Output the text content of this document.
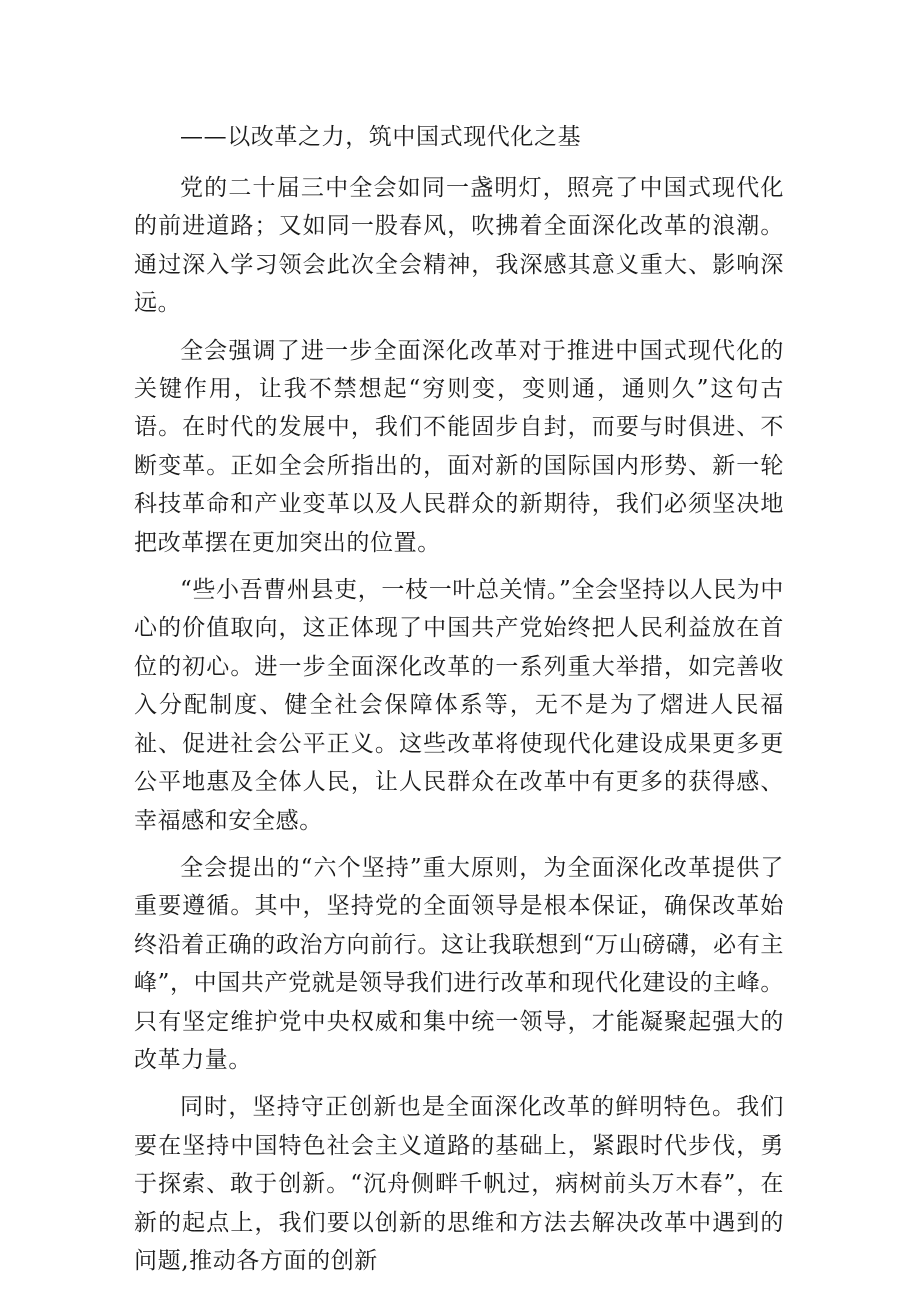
——以改革之力，筑中国式现代化之基

党的二十届三中全会如同一盏明灯，照亮了中国式现代化的前进道路；又如同一股春风，吹拂着全面深化改革的浪潮。通过深入学习领会此次全会精神，我深感其意义重大、影响深远。

全会强调了进一步全面深化改革对于推进中国式现代化的关键作用，让我不禁想起“穷则变，变则通，通则久”这句古语。在时代的发展中，我们不能固步自封，而要与时俱进、不断变革。正如全会所指出的，面对新的国际国内形势、新一轮科技革命和产业变革以及人民群众的新期待，我们必须坚决地把改革摆在更加突出的位置。

“些小吾曹州县吏，一枝一叶总关情。”全会坚持以人民为中心的价值取向，这正体现了中国共产党始终把人民利益放在首位的初心。进一步全面深化改革的一系列重大举措，如完善收入分配制度、健全社会保障体系等，无不是为了熠进人民福祉、促进社会公平正义。这些改革将使现代化建设成果更多更公平地惠及全体人民，让人民群众在改革中有更多的获得感、幸福感和安全感。

全会提出的“六个坚持”重大原则，为全面深化改革提供了重要遵循。其中，坚持党的全面领导是根本保证，确保改革始终沿着正确的政治方向前行。这让我联想到“万山磅礴，必有主峰”，中国共产党就是领导我们进行改革和现代化建设的主峰。只有坚定维护党中央权威和集中统一领导，才能凝聚起强大的改革力量。

同时，坚持守正创新也是全面深化改革的鲜明特色。我们要在坚持中国特色社会主义道路的基础上，紧跟时代步伐，勇于探索、敢于创新。“沉舟侧畔千帆过，病树前头万木春”，在新的起点上，我们要以创新的思维和方法去解决改革中遇到的问题,推动各方面的创新
